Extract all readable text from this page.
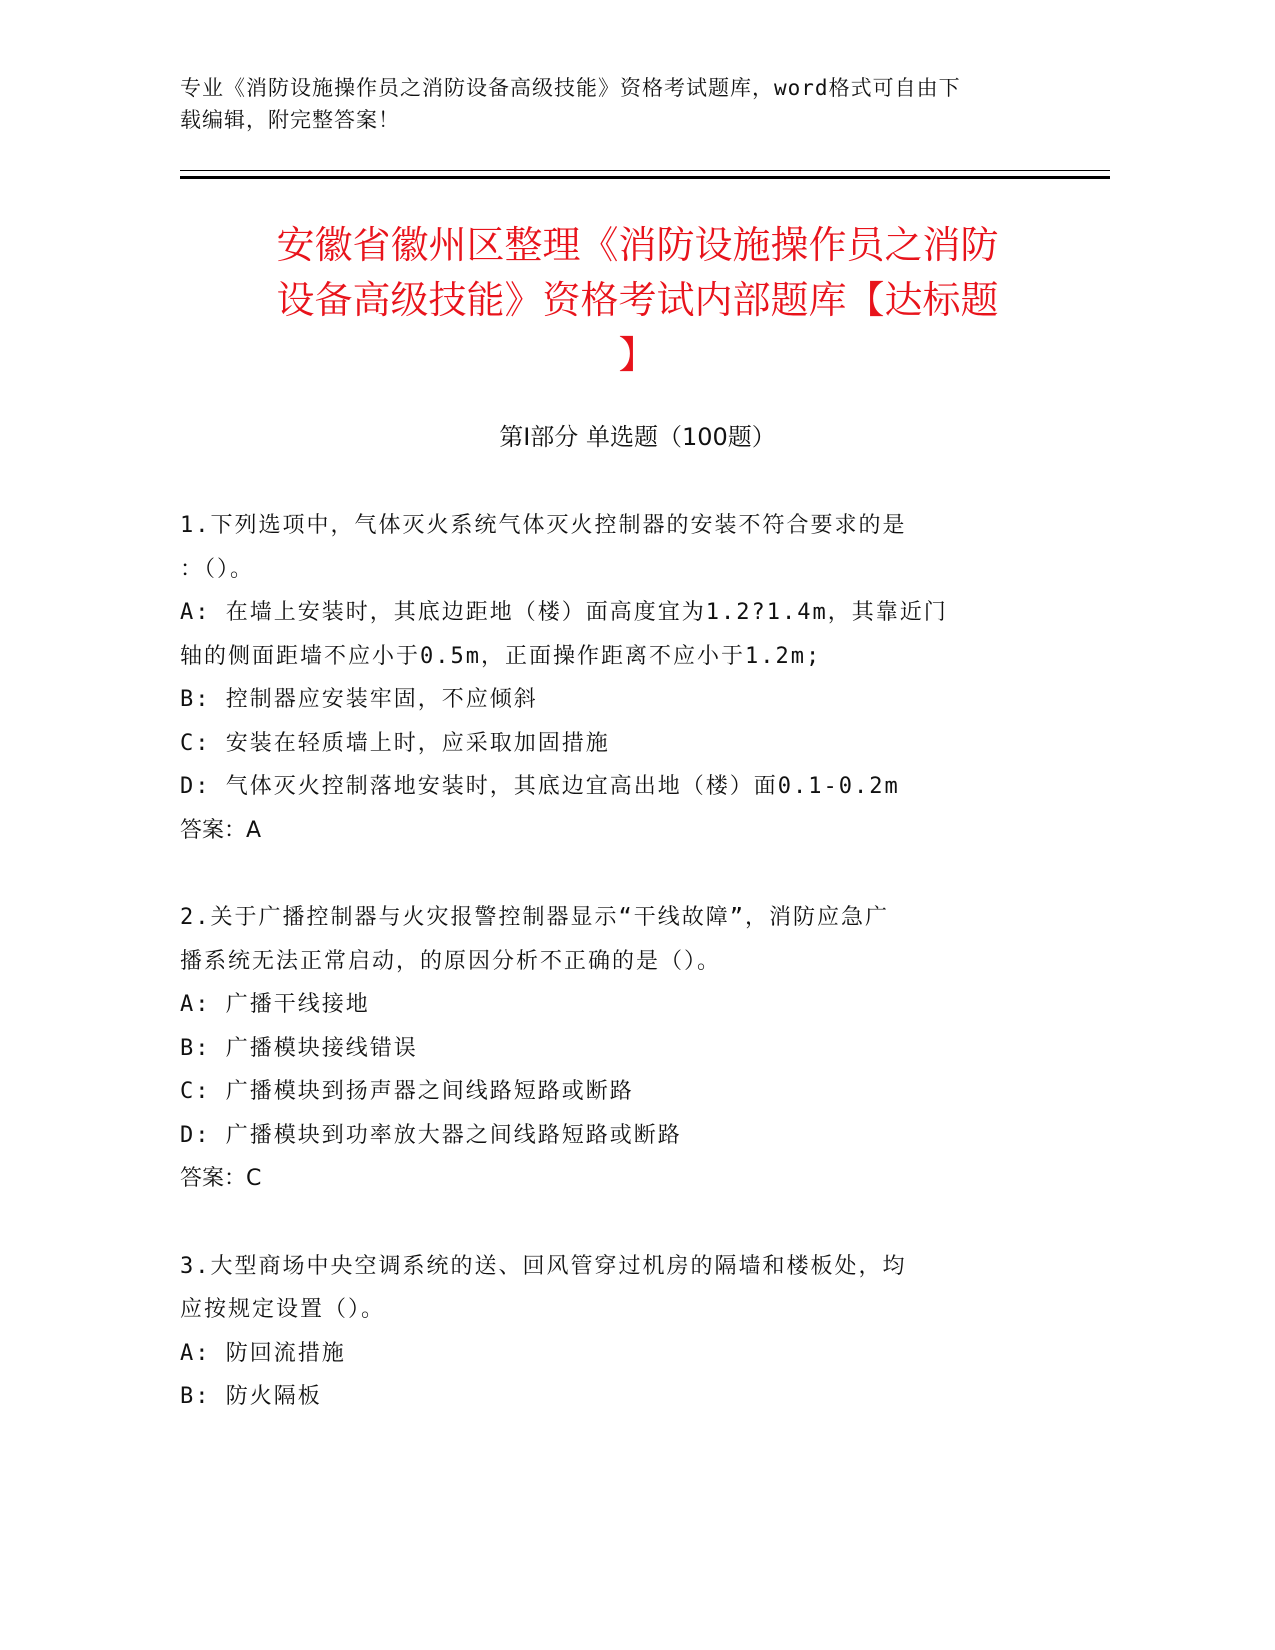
专业《消防设施操作员之消防设备高级技能》资格考试题库，word格式可自由下
载编辑，附完整答案！
安徽省徽州区整理《消防设施操作员之消防
设备高级技能》资格考试内部题库【达标题
】
第Ⅰ部分 单选题（100题）
1.下列选项中，气体灭火系统气体灭火控制器的安装不符合要求的是
：（）。
A: 在墙上安装时，其底边距地（楼）面高度宜为1.2?1.4m，其靠近门
轴的侧面距墙不应小于0.5m，正面操作距离不应小于1.2m;
B: 控制器应安装牢固，不应倾斜
C: 安装在轻质墙上时，应采取加固措施
D: 气体灭火控制落地安装时，其底边宜高出地（楼）面0.1-0.2m
答案：A
2.关于广播控制器与火灾报警控制器显示“干线故障”，消防应急广
播系统无法正常启动，的原因分析不正确的是（）。
A: 广播干线接地
B: 广播模块接线错误
C: 广播模块到扬声器之间线路短路或断路
D: 广播模块到功率放大器之间线路短路或断路
答案：C
3.大型商场中央空调系统的送、回风管穿过机房的隔墙和楼板处，均
应按规定设置（）。
A: 防回流措施
B: 防火隔板
